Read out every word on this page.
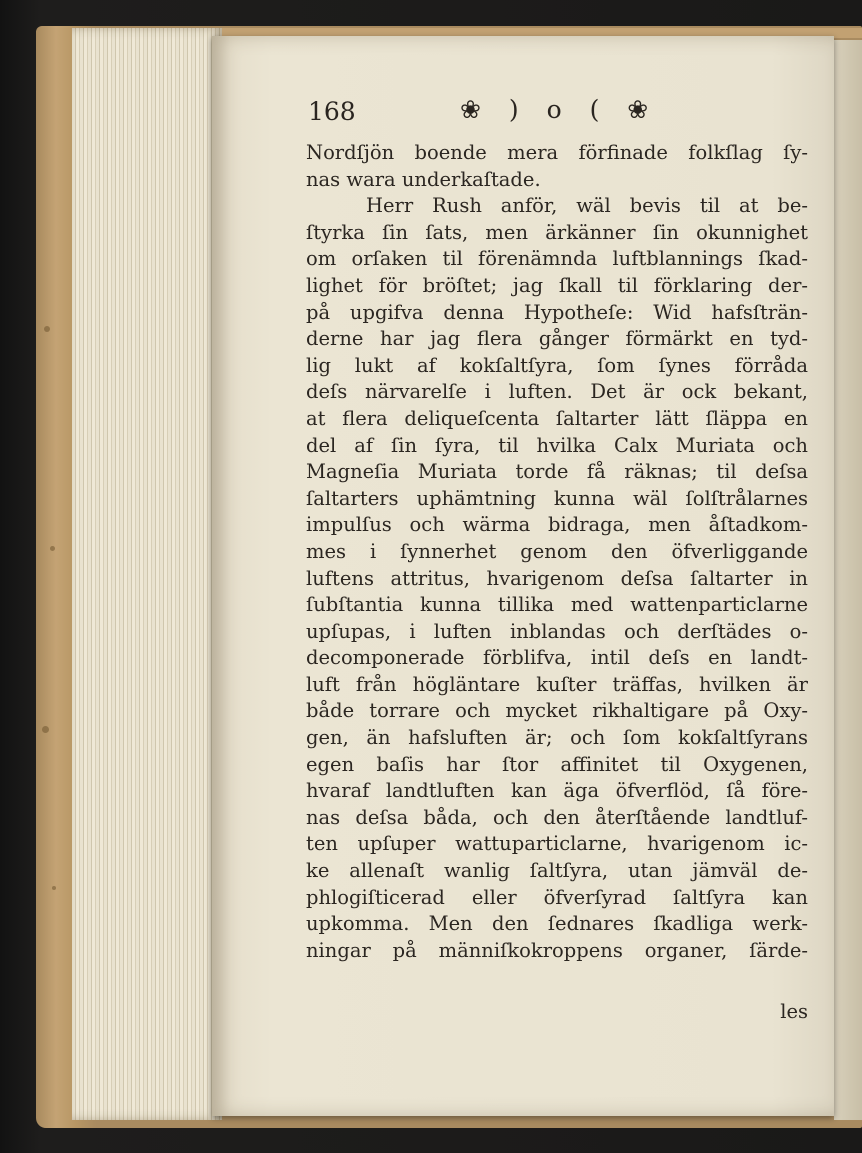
168	❀ ) o ( ❀
Nordſjön boende mera förfinade folkſlag ſy-
nas wara underkaſtade.
Herr Rush anför, wäl bevis til at be-
ſtyrka ſin ſats, men ärkänner ſin okunnighet
om orſaken til förenämnda luftblannings ſkad-
lighet för bröſtet; jag ſkall til förklaring der-
på upgifva denna Hypotheſe: Wid hafsſträn-
derne har jag flera gånger förmärkt en tyd-
lig lukt af kokſaltſyra, ſom ſynes förråda
deſs närvarelſe i luften. Det är ock bekant,
at flera deliqueſcenta ſaltarter lätt ſläppa en
del af ſin ſyra, til hvilka Calx Muriata och
Magneſia Muriata torde få räknas; til deſsa
ſaltarters uphämtning kunna wäl ſolſtrålarnes
impulſus och wärma bidraga, men åſtadkom-
mes i ſynnerhet genom den öfverliggande
luftens attritus, hvarigenom deſsa ſaltarter in
ſubſtantia kunna tillika med wattenparticlarne
upſupas, i luften inblandas och derſtädes o-
decomponerade förblifva, intil deſs en landt-
luft från högläntare kuſter träffas, hvilken är
både torrare och mycket rikhaltigare på Oxy-
gen, än hafsluften är; och ſom kokſaltſyrans
egen baſis har ſtor affinitet til Oxygenen,
hvaraf landtluften kan äga öfverflöd, ſå före-
nas deſsa båda, och den återſtående landtluf-
ten upſuper wattuparticlarne, hvarigenom ic-
ke allenaſt wanlig ſaltſyra, utan jämväl de-
phlogiſticerad eller öfverſyrad ſaltſyra kan
upkomma. Men den ſednares ſkadliga werk-
ningar på männiſkokroppens organer, ſärde-
les
